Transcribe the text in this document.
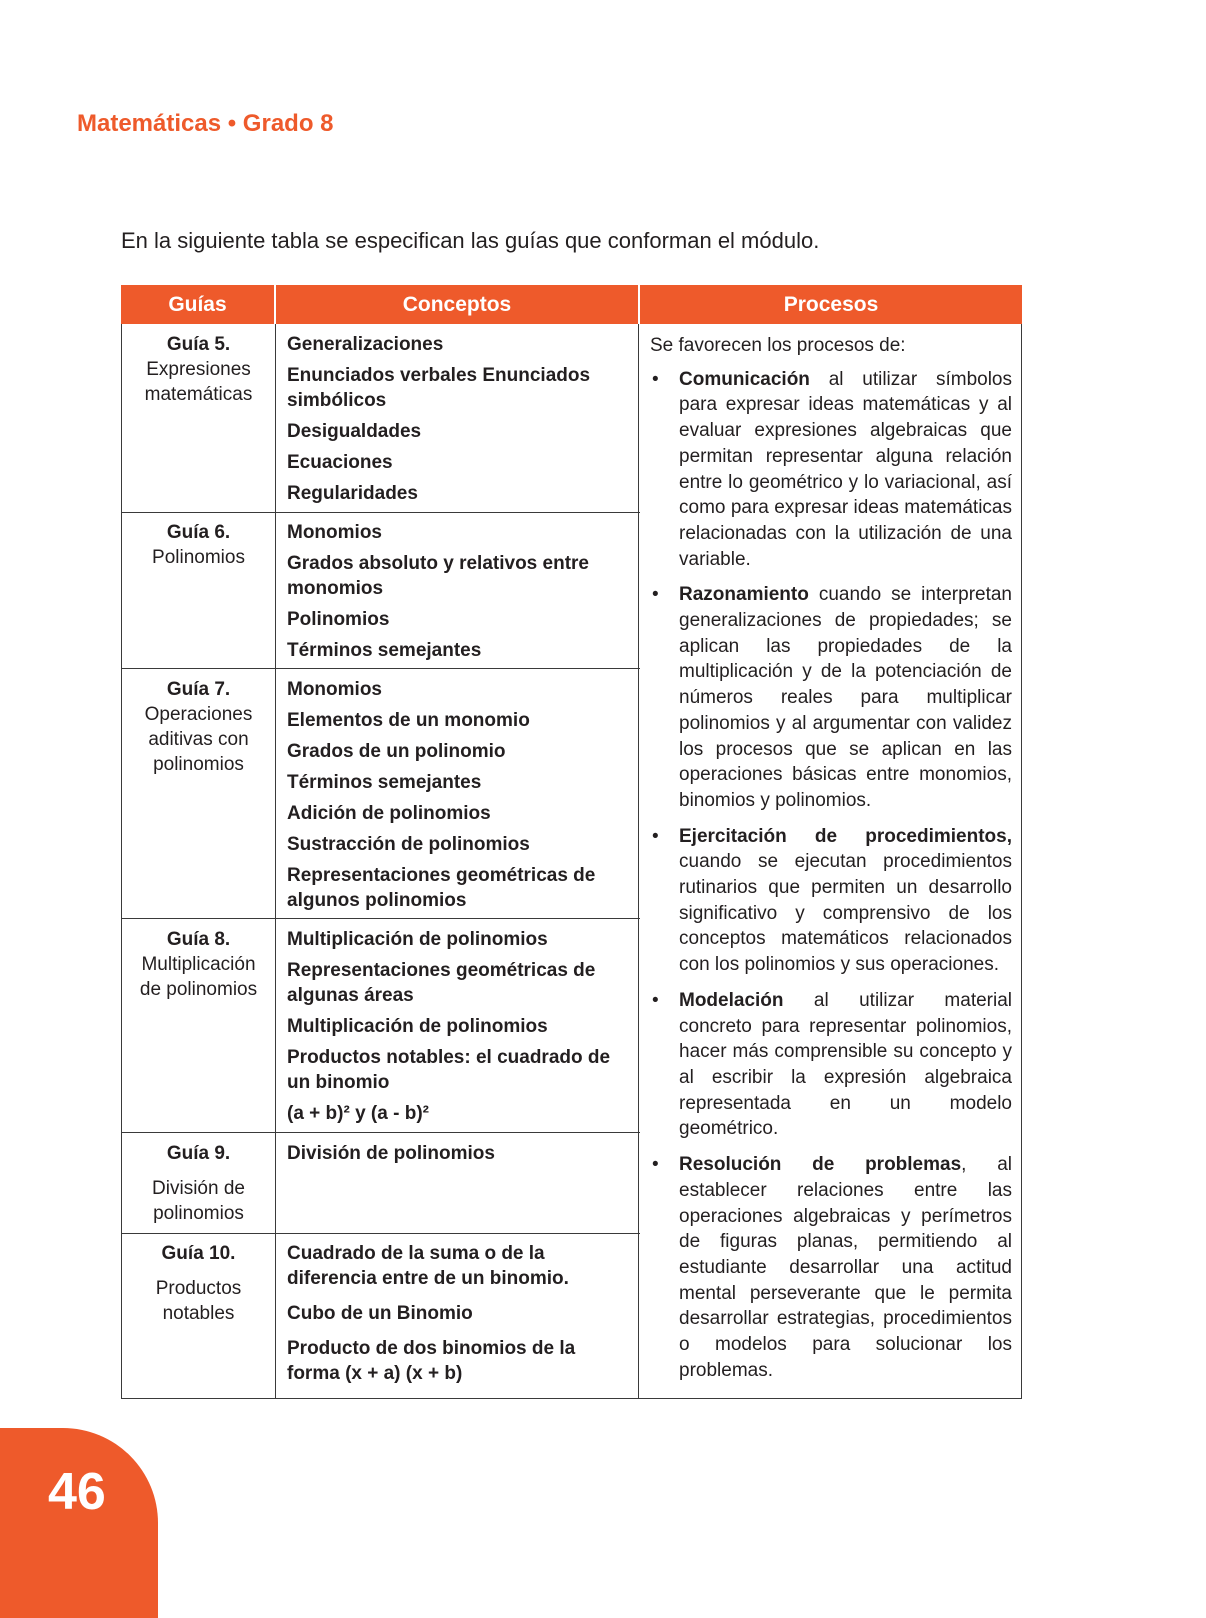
Matemáticas • Grado 8
En la siguiente tabla se especifican las guías que conforman el módulo.
Guías	Conceptos	Procesos
Guía 5.
Expresiones
matemáticas
Generalizaciones
Enunciados verbales Enunciados simbólicos
Desigualdades
Ecuaciones
Regularidades
Guía 6.
Polinomios
Monomios
Grados absoluto y relativos entre monomios
Polinomios
Términos semejantes
Guía 7.
Operaciones
aditivas con
polinomios
Monomios
Elementos de un monomio
Grados de un polinomio
Términos semejantes
Adición de polinomios
Sustracción de polinomios
Representaciones geométricas de algunos polinomios
Guía 8.
Multiplicación
de polinomios
Multiplicación de polinomios
Representaciones geométricas de algunas áreas
Multiplicación de polinomios
Productos notables: el cuadrado de un binomio
(a + b)² y (a - b)²
Guía 9.
División de
polinomios
División de polinomios
Guía 10.
Productos
notables
Cuadrado de la suma o de la diferencia entre de un binomio.
Cubo de un Binomio
Producto de dos binomios de la forma (x + a) (x + b)
Se favorecen los procesos de:
• Comunicación al utilizar símbolos para expresar ideas matemáticas y al evaluar expresiones algebraicas que permitan representar alguna relación entre lo geométrico y lo variacional, así como para expresar ideas matemáticas relacionadas con la utilización de una variable.
• Razonamiento cuando se interpretan generalizaciones de propiedades; se aplican las propiedades de la multiplicación y de la potenciación de números reales para multiplicar polinomios y al argumentar con validez los procesos que se aplican en las operaciones básicas entre monomios, binomios y polinomios.
• Ejercitación de procedimientos, cuando se ejecutan procedimientos rutinarios que permiten un desarrollo significativo y comprensivo de los conceptos matemáticos relacionados con los polinomios y sus operaciones.
• Modelación al utilizar material concreto para representar polinomios, hacer más comprensible su concepto y al escribir la expresión algebraica representada en un modelo geométrico.
• Resolución de problemas, al establecer relaciones entre las operaciones algebraicas y perímetros de figuras planas, permitiendo al estudiante desarrollar una actitud mental perseverante que le permita desarrollar estrategias, procedimientos o modelos para solucionar los problemas.
46
